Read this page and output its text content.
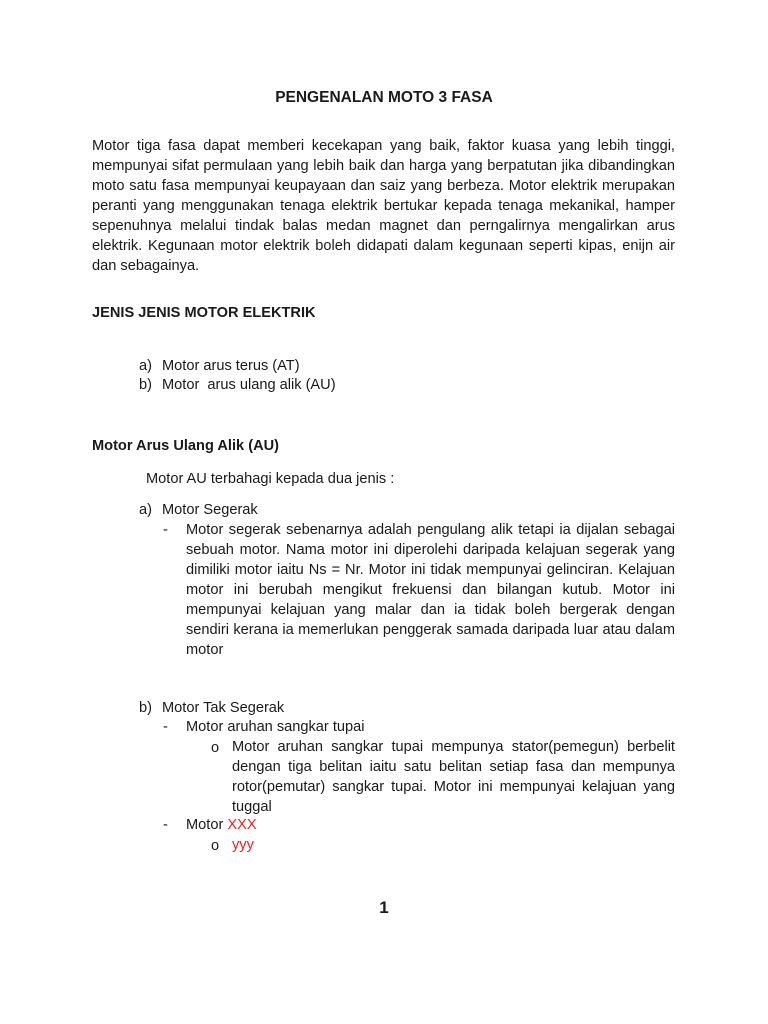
PENGENALAN MOTO 3 FASA
Motor tiga fasa dapat memberi kecekapan yang baik, faktor kuasa yang lebih tinggi, mempunyai sifat permulaan yang lebih baik dan harga yang berpatutan jika dibandingkan moto satu fasa mempunyai keupayaan dan saiz yang berbeza. Motor elektrik merupakan peranti yang menggunakan tenaga elektrik bertukar kepada tenaga mekanikal, hamper sepenuhnya melalui tindak balas medan magnet dan perngalirnya mengalirkan arus elektrik. Kegunaan motor elektrik boleh didapati dalam kegunaan seperti kipas, enijn air dan sebagainya.
JENIS JENIS MOTOR ELEKTRIK
a) Motor arus terus (AT)
b) Motor  arus ulang alik (AU)
Motor Arus Ulang Alik (AU)
Motor AU terbahagi kepada dua jenis :
a) Motor Segerak
- Motor segerak sebenarnya adalah pengulang alik tetapi ia dijalan sebagai sebuah motor. Nama motor ini diperolehi daripada kelajuan segerak yang dimiliki motor iaitu Ns = Nr. Motor ini tidak mempunyai gelinciran. Kelajuan motor ini berubah mengikut frekuensi dan bilangan kutub. Motor ini mempunyai kelajuan yang malar dan ia tidak boleh bergerak dengan sendiri kerana ia memerlukan penggerak samada daripada luar atau dalam motor
b) Motor Tak Segerak
- Motor aruhan sangkar tupai
o Motor aruhan sangkar tupai mempunya stator(pemegun) berbelit dengan tiga belitan iaitu satu belitan setiap fasa dan mempunya rotor(pemutar) sangkar tupai. Motor ini mempunyai kelajuan yang tuggal
- Motor XXX
o yyy
1
